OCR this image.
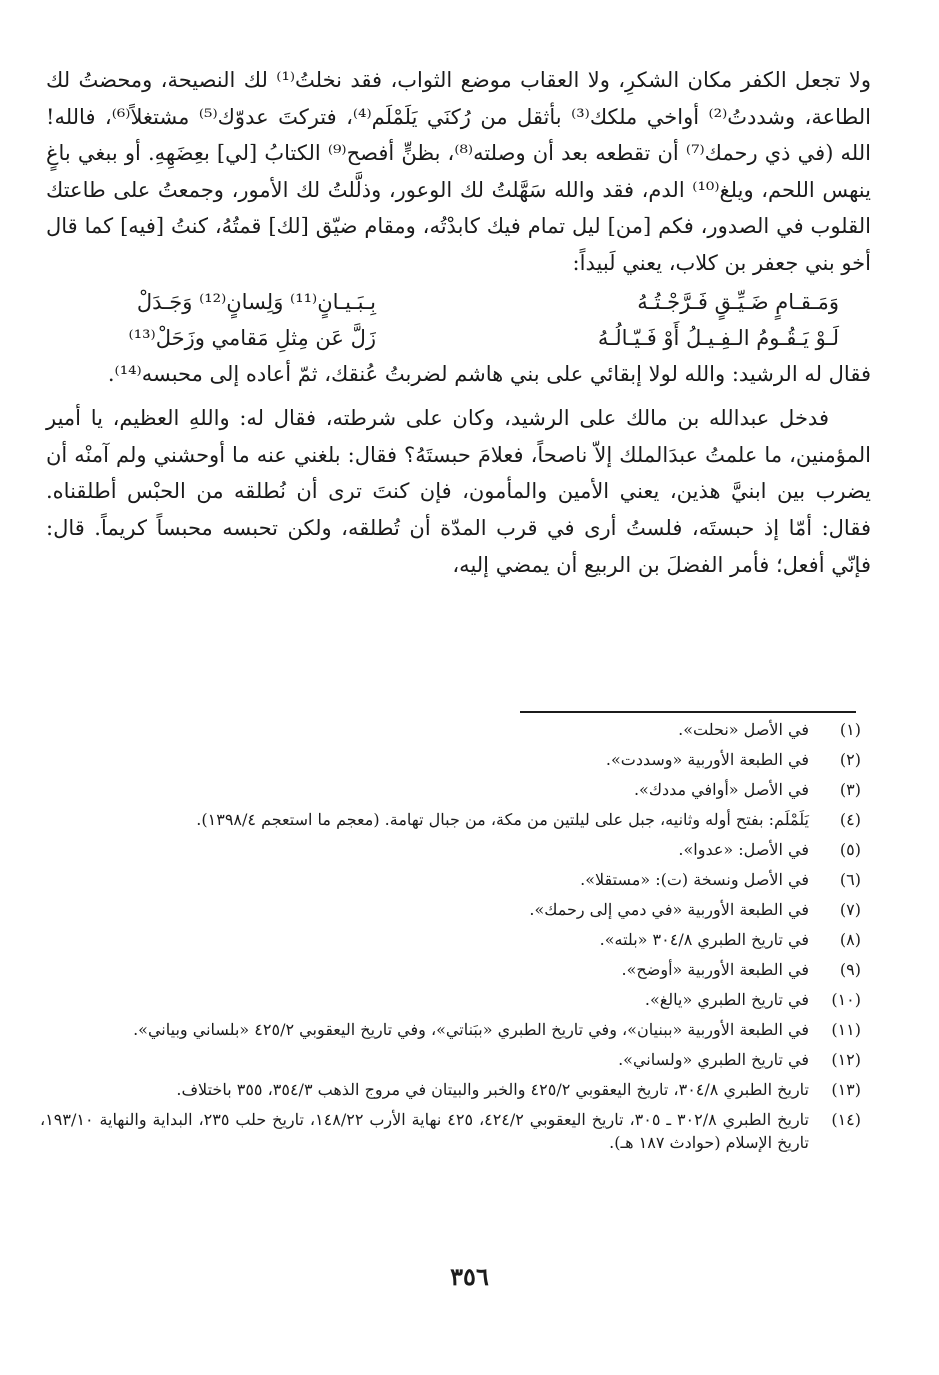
ولا تجعل الكفر مكان الشكرِ، ولا العقاب موضع الثواب، فقد نخلتُ⁽¹⁾ لك النصيحة، ومحضتُ لك الطاعة، وشددتُ⁽²⁾ أواخي ملكك⁽³⁾ بأثقل من رُكنَي يَلَمْلَم⁽⁴⁾، فتركتَ عدوّك⁽⁵⁾ مشتغلاً⁽⁶⁾، فالله! الله (في ذي رحمك⁽⁷⁾ أن تقطعه بعد أن وصلته⁽⁸⁾، بظنٍّ أفصح⁽⁹⁾ الكتابُ [لي] بعِضَهِهِ. أو ببغي باغٍ ينهس اللحم، ويلغ⁽¹⁰⁾ الدم، فقد والله سَهَّلتُ لك الوعور، وذلَّلتُ لك الأمور، وجمعتُ على طاعتك القلوب في الصدور، فكم [من] ليل تمام فيك كابدْتُه، ومقام ضيّق [لك] قمتُهُ، كنتُ [فيه] كما قال أخو بني جعفر بن كلاب، يعني لَبيداً:

وَمَـقـامٍ ضَـيِّـقٍ فَـرَّجْـتُـهُ
بِـبَـيـانٍ⁽¹¹⁾ وَلِسانٍ⁽¹²⁾ وَجَـدَلْ
لَـوْ يَـقُـومُ الـفِـيـلُ أَوْ فَـيّـالُـهُ
زَلَّ عَن مِثلِ مَقامي وزَحَلْ⁽¹³⁾

فقال له الرشيد: والله لولا إبقائي على بني هاشم لضربتُ عُنقك، ثمّ أعاده إلى محبسه⁽¹⁴⁾.

فدخل عبدالله بن مالك على الرشيد، وكان على شرطته، فقال له: واللهِ العظيم، يا أمير المؤمنين، ما علمتُ عبدَالملك إلاّ ناصحاً، فعلامَ حبستَهُ؟ فقال: بلغني عنه ما أوحشني ولم آمنْه أن يضرب بين ابنيَّ هذين، يعني الأمين والمأمون، فإن كنتَ ترى أن نُطلقه من الحبْس أطلقناه. فقال: أمّا إذ حبستَه، فلستُ أرى في قرب المدّة أن تُطلقه، ولكن تحبسه محبساً كريماً. قال: فإنّي أفعل؛ فأمر الفضلَ بن الربيع أن يمضي إليه،

(١)
في الأصل «نحلت».
(٢)
في الطبعة الأوربية «وسددت».
(٣)
في الأصل «أوافي مددك».
(٤)
يَلَمْلَم: بفتح أوله وثانيه، جبل على ليلتين من مكة، من جبال تهامة. (معجم ما استعجم ١٣٩٨/٤).
(٥)
في الأصل: «عدوا».
(٦)
في الأصل ونسخة (ت): «مستقلا».
(٧)
في الطبعة الأوربية «في دمي إلى رحمك».
(٨)
في تاريخ الطبري ٣٠٤/٨ «بلته».
(٩)
في الطبعة الأوربية «أوضح».
(١٠)
في تاريخ الطبري «يالغ».
(١١)
في الطبعة الأوربية «ببنيان»، وفي تاريخ الطبري «ببَناتي»، وفي تاريخ اليعقوبي ٤٢٥/٢ «بلساني وبياني».
(١٢)
في تاريخ الطبري «ولساني».
(١٣)
تاريخ الطبري ٣٠٤/٨، تاريخ اليعقوبي ٤٢٥/٢ والخبر والبيتان في مروج الذهب ٣٥٤/٣، ٣٥٥ باختلاف.
(١٤)
تاريخ الطبري ٣٠٢/٨ ـ ٣٠٥، تاريخ اليعقوبي ٤٢٤/٢، ٤٢٥ نهاية الأرب ١٤٨/٢٢، تاريخ حلب ٢٣٥، البداية والنهاية ١٩٣/١٠، تاريخ الإسلام (حوادث ١٨٧ هـ).
٣٥٦
